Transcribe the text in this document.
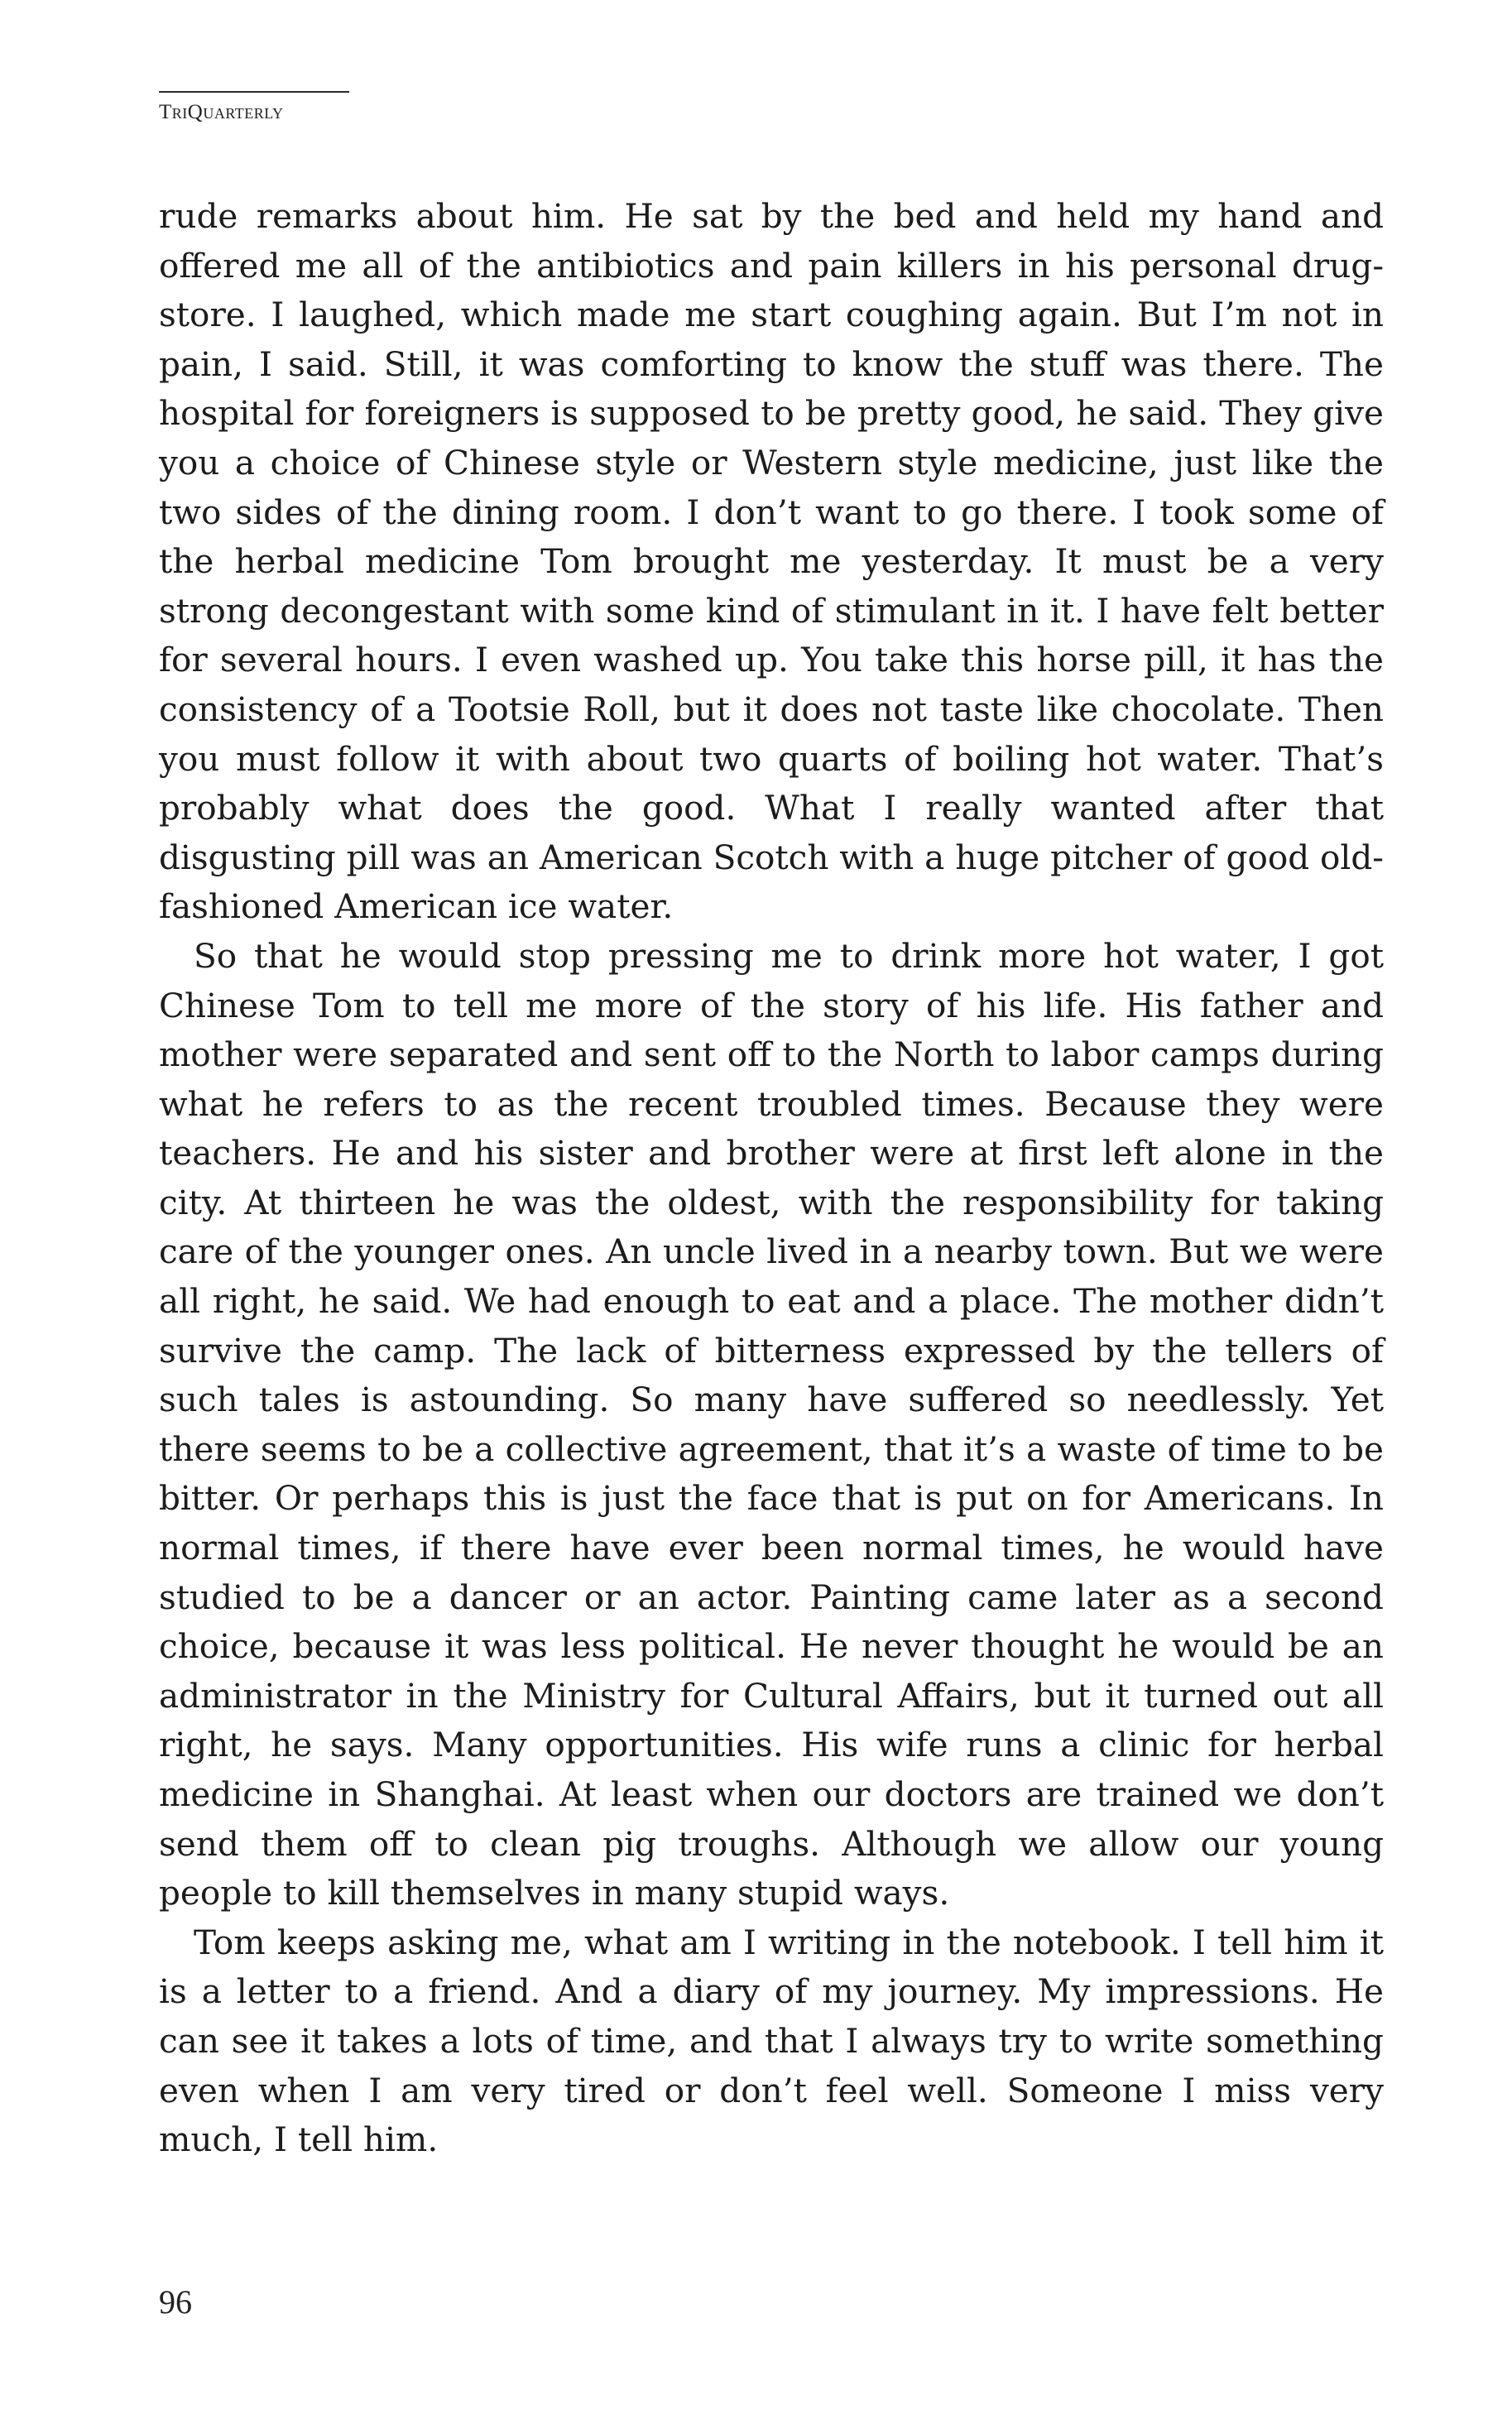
TriQuarterly

rude remarks about him. He sat by the bed and held my hand and offered me all of the antibiotics and pain killers in his personal drugstore. I laughed, which made me start coughing again. But I’m not in pain, I said. Still, it was comforting to know the stuff was there. The hospital for foreigners is supposed to be pretty good, he said. They give you a choice of Chinese style or Western style medicine, just like the two sides of the dining room. I don’t want to go there. I took some of the herbal medicine Tom brought me yesterday. It must be a very strong decongestant with some kind of stimulant in it. I have felt better for several hours. I even washed up. You take this horse pill, it has the consistency of a Tootsie Roll, but it does not taste like chocolate. Then you must follow it with about two quarts of boiling hot water. That’s probably what does the good. What I really wanted after that disgusting pill was an American Scotch with a huge pitcher of good old-fashioned American ice water.

So that he would stop pressing me to drink more hot water, I got Chinese Tom to tell me more of the story of his life. His father and mother were separated and sent off to the North to labor camps during what he refers to as the recent troubled times. Because they were teachers. He and his sister and brother were at first left alone in the city. At thirteen he was the oldest, with the responsibility for taking care of the younger ones. An uncle lived in a nearby town. But we were all right, he said. We had enough to eat and a place. The mother didn’t survive the camp. The lack of bitterness expressed by the tellers of such tales is astounding. So many have suffered so needlessly. Yet there seems to be a collective agreement, that it’s a waste of time to be bitter. Or perhaps this is just the face that is put on for Americans. In normal times, if there have ever been normal times, he would have studied to be a dancer or an actor. Painting came later as a second choice, because it was less political. He never thought he would be an administrator in the Ministry for Cultural Affairs, but it turned out all right, he says. Many opportunities. His wife runs a clinic for herbal medicine in Shanghai. At least when our doctors are trained we don’t send them off to clean pig troughs. Although we allow our young people to kill themselves in many stupid ways.

Tom keeps asking me, what am I writing in the notebook. I tell him it is a letter to a friend. And a diary of my journey. My impressions. He can see it takes a lots of time, and that I always try to write something even when I am very tired or don’t feel well. Someone I miss very much, I tell him.

96
